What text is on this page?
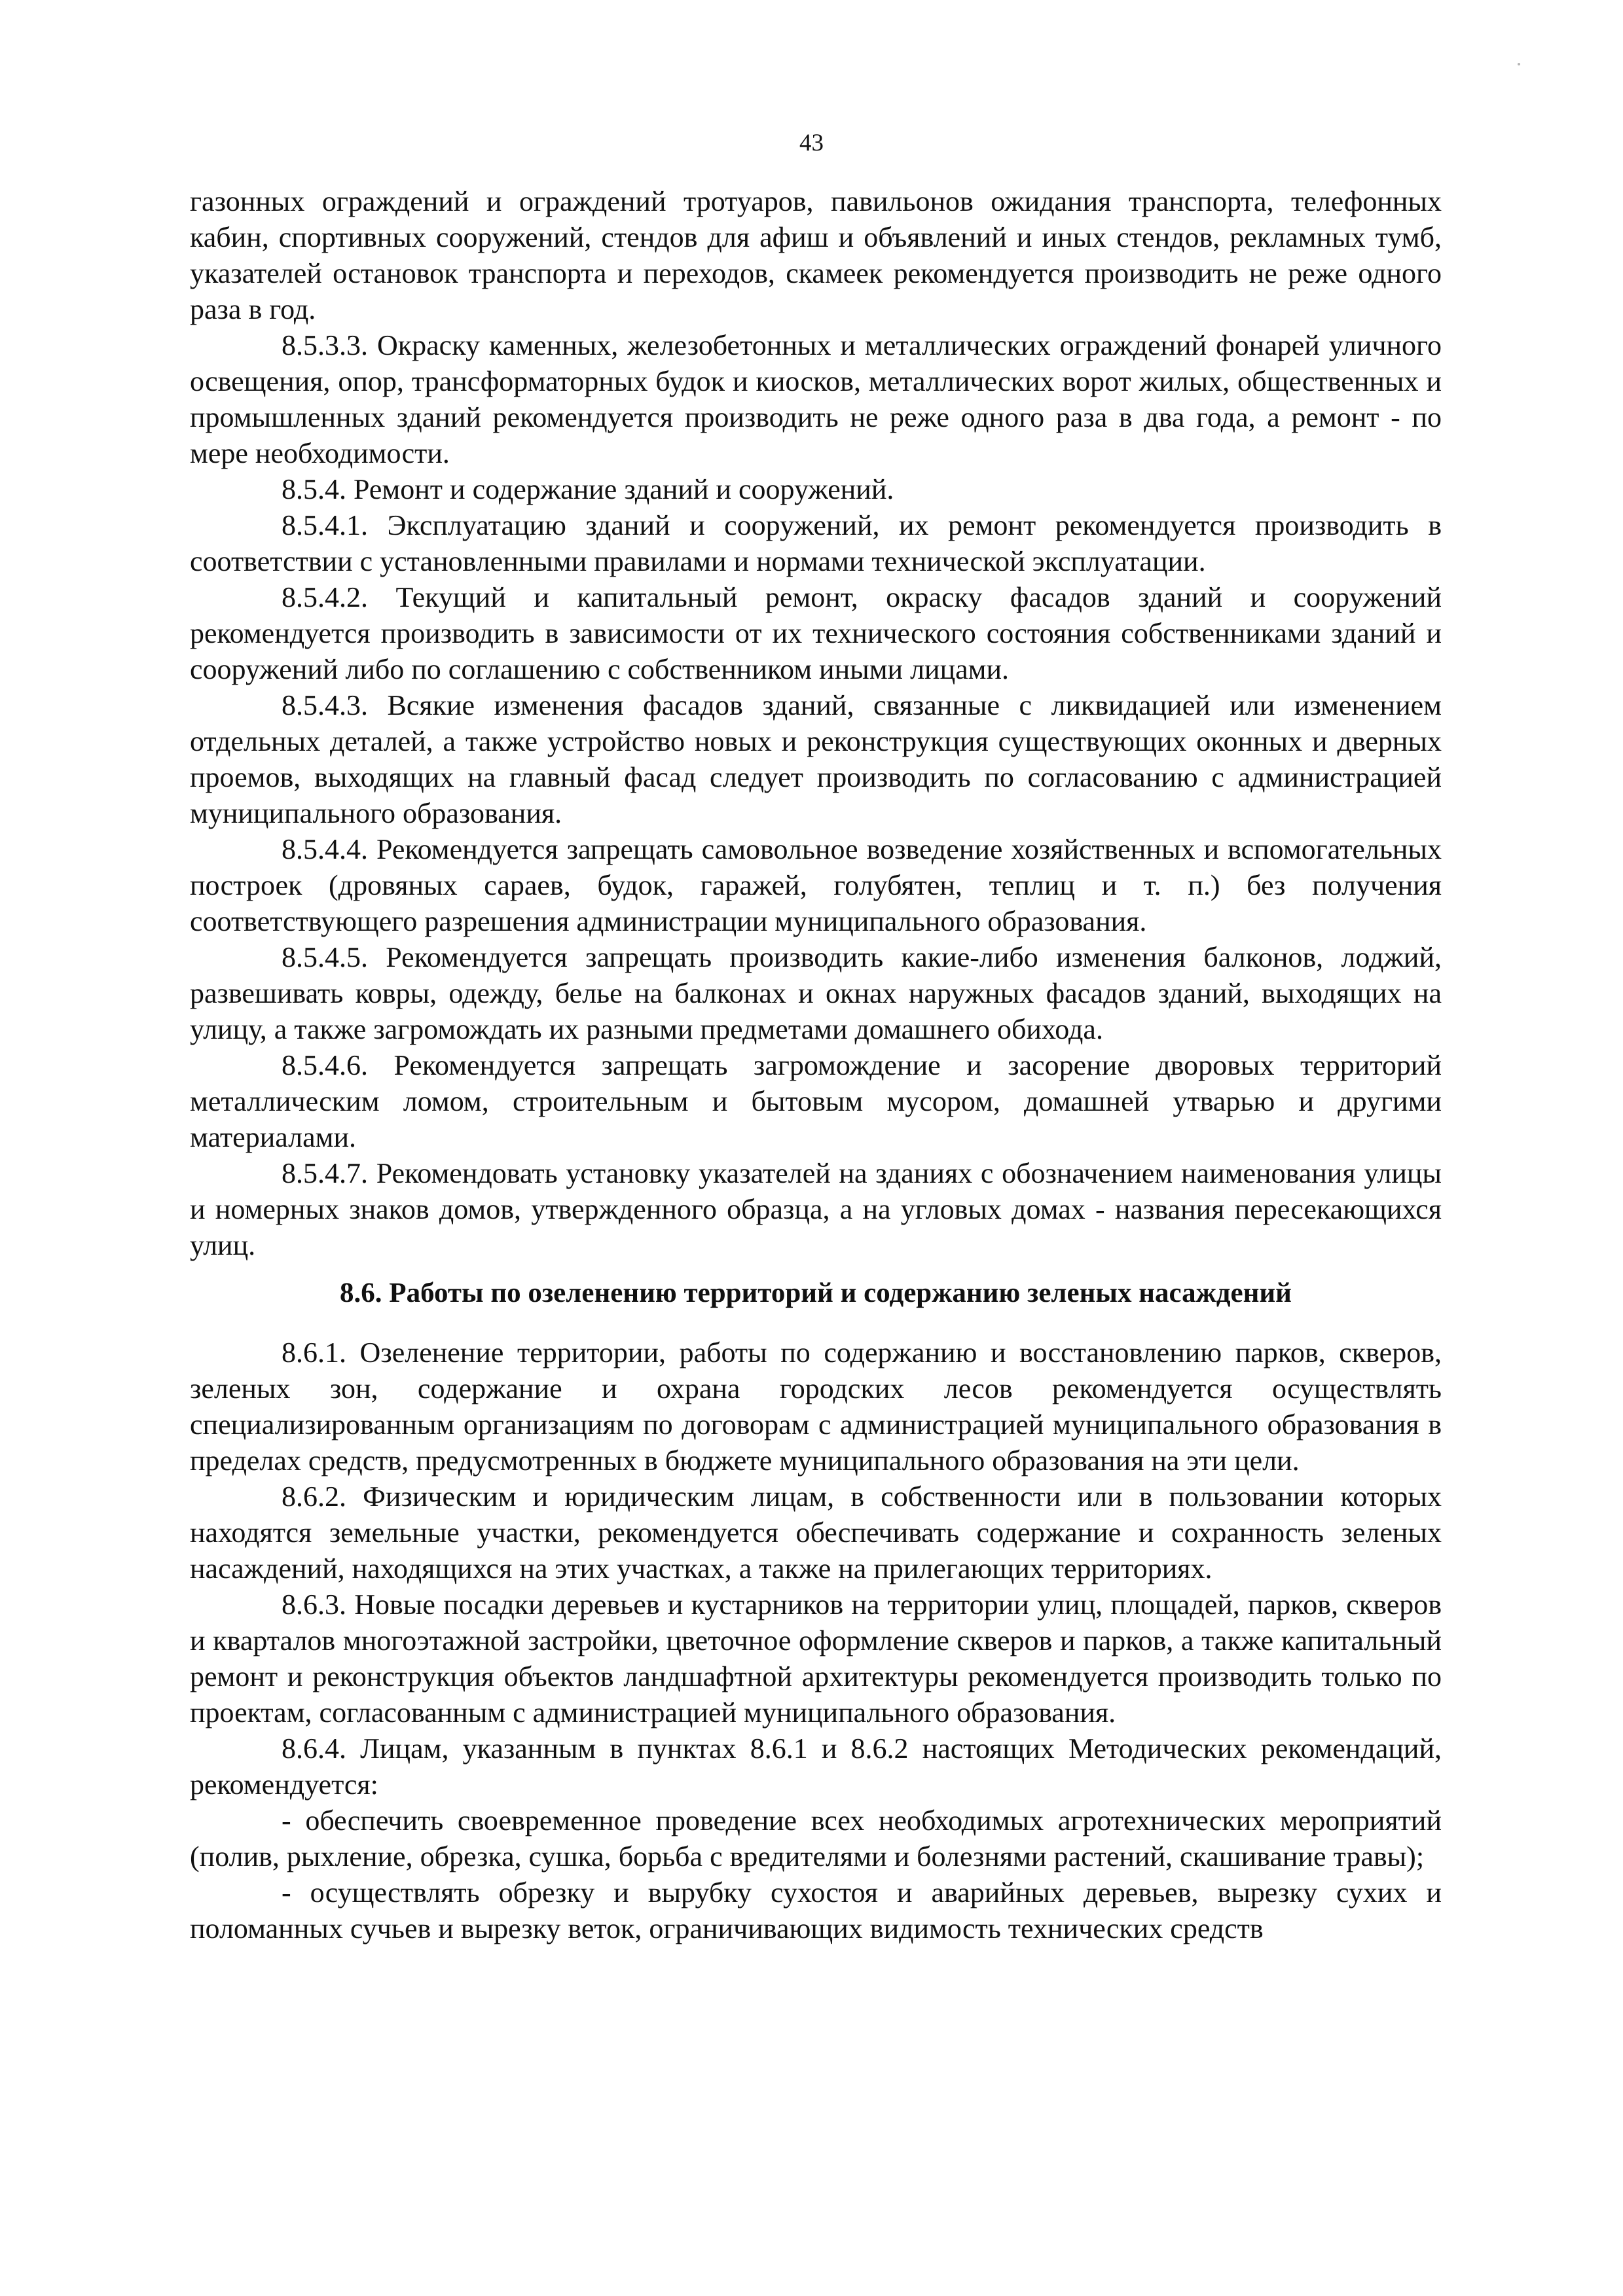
43

газонных ограждений и ограждений тротуаров, павильонов ожидания транспорта, телефонных кабин, спортивных сооружений, стендов для афиш и объявлений и иных стендов, рекламных тумб, указателей остановок транспорта и переходов, скамеек рекомендуется производить не реже одного раза в год.

8.5.3.3. Окраску каменных, железобетонных и металлических ограждений фонарей уличного освещения, опор, трансформаторных будок и киосков, металлических ворот жилых, общественных и промышленных зданий рекомендуется производить не реже одного раза в два года, а ремонт - по мере необходимости.

8.5.4. Ремонт и содержание зданий и сооружений.

8.5.4.1. Эксплуатацию зданий и сооружений, их ремонт рекомендуется производить в соответствии с установленными правилами и нормами технической эксплуатации.

8.5.4.2. Текущий и капитальный ремонт, окраску фасадов зданий и сооружений рекомендуется производить в зависимости от их технического состояния собственниками зданий и сооружений либо по соглашению с собственником иными лицами.

8.5.4.3. Всякие изменения фасадов зданий, связанные с ликвидацией или изменением отдельных деталей, а также устройство новых и реконструкция существующих оконных и дверных проемов, выходящих на главный фасад следует производить по согласованию с администрацией муниципального образования.

8.5.4.4. Рекомендуется запрещать самовольное возведение хозяйственных и вспомогательных построек (дровяных сараев, будок, гаражей, голубятен, теплиц и т. п.) без получения соответствующего разрешения администрации муниципального образования.

8.5.4.5. Рекомендуется запрещать производить какие-либо изменения балконов, лоджий, развешивать ковры, одежду, белье на балконах и окнах наружных фасадов зданий, выходящих на улицу, а также загромождать их разными предметами домашнего обихода.

8.5.4.6. Рекомендуется запрещать загромождение и засорение дворовых территорий металлическим ломом, строительным и бытовым мусором, домашней утварью и другими материалами.

8.5.4.7. Рекомендовать установку указателей на зданиях с обозначением наименования улицы и номерных знаков домов, утвержденного образца, а на угловых домах - названия пересекающихся улиц.

8.6. Работы по озеленению территорий и содержанию зеленых насаждений

8.6.1. Озеленение территории, работы по содержанию и восстановлению парков, скверов, зеленых зон, содержание и охрана городских лесов рекомендуется осуществлять специализированным организациям по договорам с администрацией муниципального образования в пределах средств, предусмотренных в бюджете муниципального образования на эти цели.

8.6.2. Физическим и юридическим лицам, в собственности или в пользовании которых находятся земельные участки, рекомендуется обеспечивать содержание и сохранность зеленых насаждений, находящихся на этих участках, а также на прилегающих территориях.

8.6.3. Новые посадки деревьев и кустарников на территории улиц, площадей, парков, скверов и кварталов многоэтажной застройки, цветочное оформление скверов и парков, а также капитальный ремонт и реконструкция объектов ландшафтной архитектуры рекомендуется производить только по проектам, согласованным с администрацией муниципального образования.

8.6.4. Лицам, указанным в пунктах 8.6.1 и 8.6.2 настоящих Методических рекомендаций, рекомендуется:

- обеспечить своевременное проведение всех необходимых агротехнических мероприятий (полив, рыхление, обрезка, сушка, борьба с вредителями и болезнями растений, скашивание травы);

- осуществлять обрезку и вырубку сухостоя и аварийных деревьев, вырезку сухих и поломанных сучьев и вырезку веток, ограничивающих видимость технических средств
